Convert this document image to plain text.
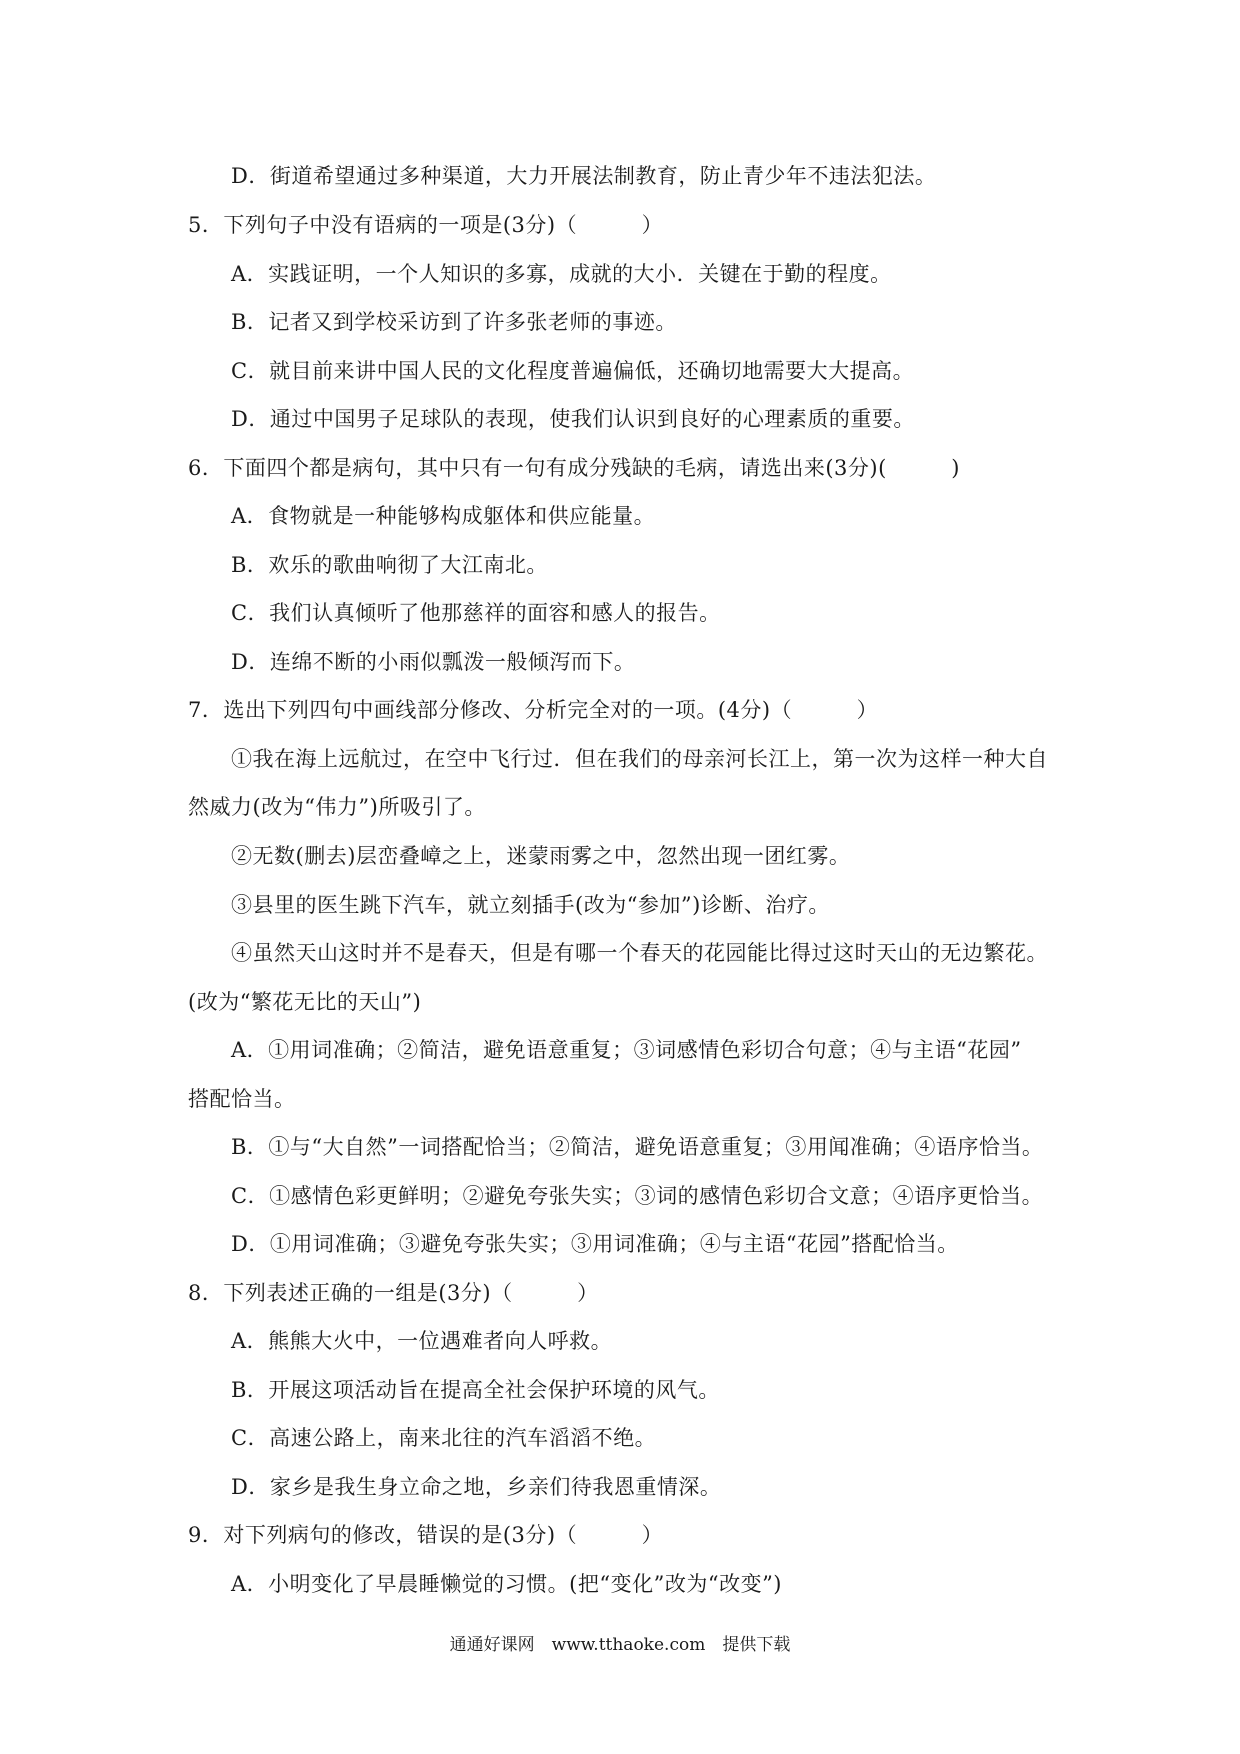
D．街道希望通过多种渠道，大力开展法制教育，防止青少年不违法犯法。
5．下列句子中没有语病的一项是(3分)（　　　）
A．实践证明，一个人知识的多寡，成就的大小．关键在于勤的程度。
B．记者又到学校采访到了许多张老师的事迹。
C．就目前来讲中国人民的文化程度普遍偏低，还确切地需要大大提高。
D．通过中国男子足球队的表现，使我们认识到良好的心理素质的重要。
6．下面四个都是病句，其中只有一句有成分残缺的毛病，请选出来(3分)(　　　)
A．食物就是一种能够构成躯体和供应能量。
B．欢乐的歌曲响彻了大江南北。
C．我们认真倾听了他那慈祥的面容和感人的报告。
D．连绵不断的小雨似瓢泼一般倾泻而下。
7．选出下列四句中画线部分修改、分析完全对的一项。(4分)（　　　）
①我在海上远航过，在空中飞行过．但在我们的母亲河长江上，第一次为这样一种大自
然威力(改为“伟力”)所吸引了。
②无数(删去)层峦叠嶂之上，迷蒙雨雾之中，忽然出现一团红雾。
③县里的医生跳下汽车，就立刻插手(改为“参加”)诊断、治疗。
④虽然天山这时并不是春天，但是有哪一个春天的花园能比得过这时天山的无边繁花。
(改为“繁花无比的天山”)
A．①用词准确；②简洁，避免语意重复；③词感情色彩切合句意；④与主语“花园”
搭配恰当。
B．①与“大自然”一词搭配恰当；②简洁，避免语意重复；③用闻准确；④语序恰当。
C．①感情色彩更鲜明；②避免夸张失实；③词的感情色彩切合文意；④语序更恰当。
D．①用词准确；③避免夸张失实；③用词准确；④与主语“花园”搭配恰当。
8．下列表述正确的一组是(3分)（　　　）
A．熊熊大火中，一位遇难者向人呼救。
B．开展这项活动旨在提高全社会保护环境的风气。
C．高速公路上，南来北往的汽车滔滔不绝。
D．家乡是我生身立命之地，乡亲们待我恩重情深。
9．对下列病句的修改，错误的是(3分)（　　　）
A．小明变化了早晨睡懒觉的习惯。(把“变化”改为“改变”)
通通好课网　www.tthaoke.com　提供下载
